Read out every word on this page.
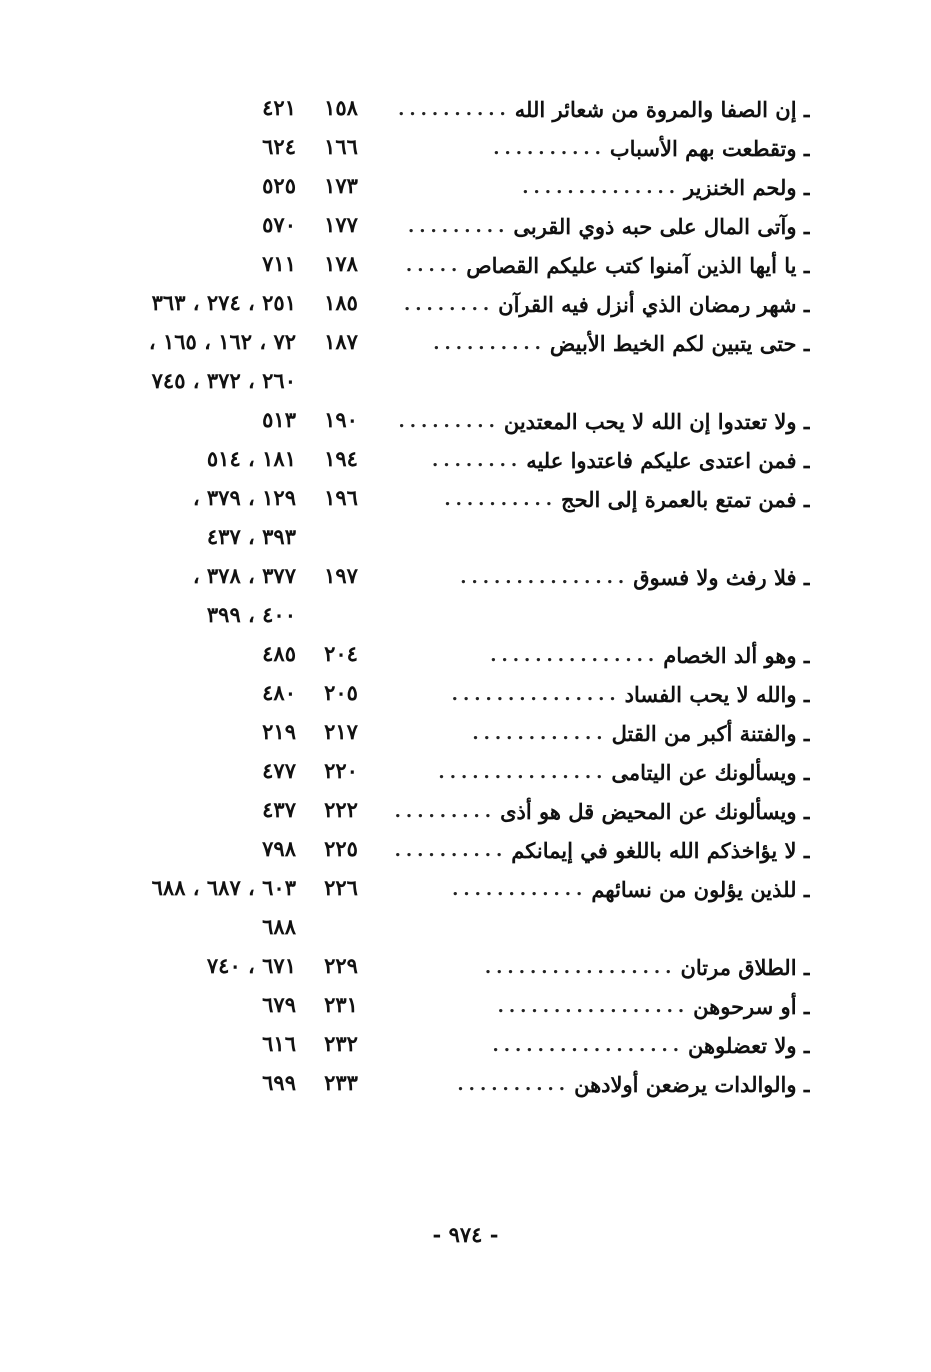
ـ إن الصفا والمروة من شعائر الله..........
١٥٨
٤٢١
ـ وتقطعت بهم الأسباب..........
١٦٦
٦٢٤
ـ ولحم الخنزير..............
١٧٣
٥٢٥
ـ وآتى المال على حبه ذوي القربى.........
١٧٧
٥٧٠
ـ يا أيها الذين آمنوا كتب عليكم القصاص.....
١٧٨
٧١١
ـ شهر رمضان الذي أنزل فيه القرآن........
١٨٥
٢٥١ ، ٢٧٤ ، ٣٦٣
ـ حتى يتبين لكم الخيط الأبيض..........
١٨٧
٧٢ ، ١٦٢ ، ١٦٥ ،
٢٦٠ ، ٣٧٢ ، ٧٤٥
ـ ولا تعتدوا إن الله لا يحب المعتدين.........
١٩٠
٥١٣
ـ فمن اعتدى عليكم فاعتدوا عليه........
١٩٤
١٨١ ، ٥١٤
ـ فمن تمتع بالعمرة إلى الحج..........
١٩٦
١٢٩ ، ٣٧٩ ،
٣٩٣ ، ٤٣٧
ـ فلا رفث ولا فسوق...............
١٩٧
٣٧٧ ، ٣٧٨ ،
٤٠٠ ، ٣٩٩
ـ وهو ألد الخصام...............
٢٠٤
٤٨٥
ـ والله لا يحب الفساد...............
٢٠٥
٤٨٠
ـ والفتنة أكبر من القتل............
٢١٧
٢١٩
ـ ويسألونك عن اليتامى...............
٢٢٠
٤٧٧
ـ ويسألونك عن المحيض قل هو أذى.........
٢٢٢
٤٣٧
ـ لا يؤاخذكم الله باللغو في إيمانكم..........
٢٢٥
٧٩٨
ـ للذين يؤلون من نسائهم............
٢٢٦
٦٠٣ ، ٦٨٧ ، ٦٨٨
٦٨٨
ـ الطلاق مرتان.................
٢٢٩
٦٧١ ، ٧٤٠
ـ أو سرحوهن.................
٢٣١
٦٧٩
ـ ولا تعضلوهن.................
٢٣٢
٦١٦
ـ والوالدات يرضعن أولادهن..........
٢٣٣
٦٩٩
- ٩٧٤ -
